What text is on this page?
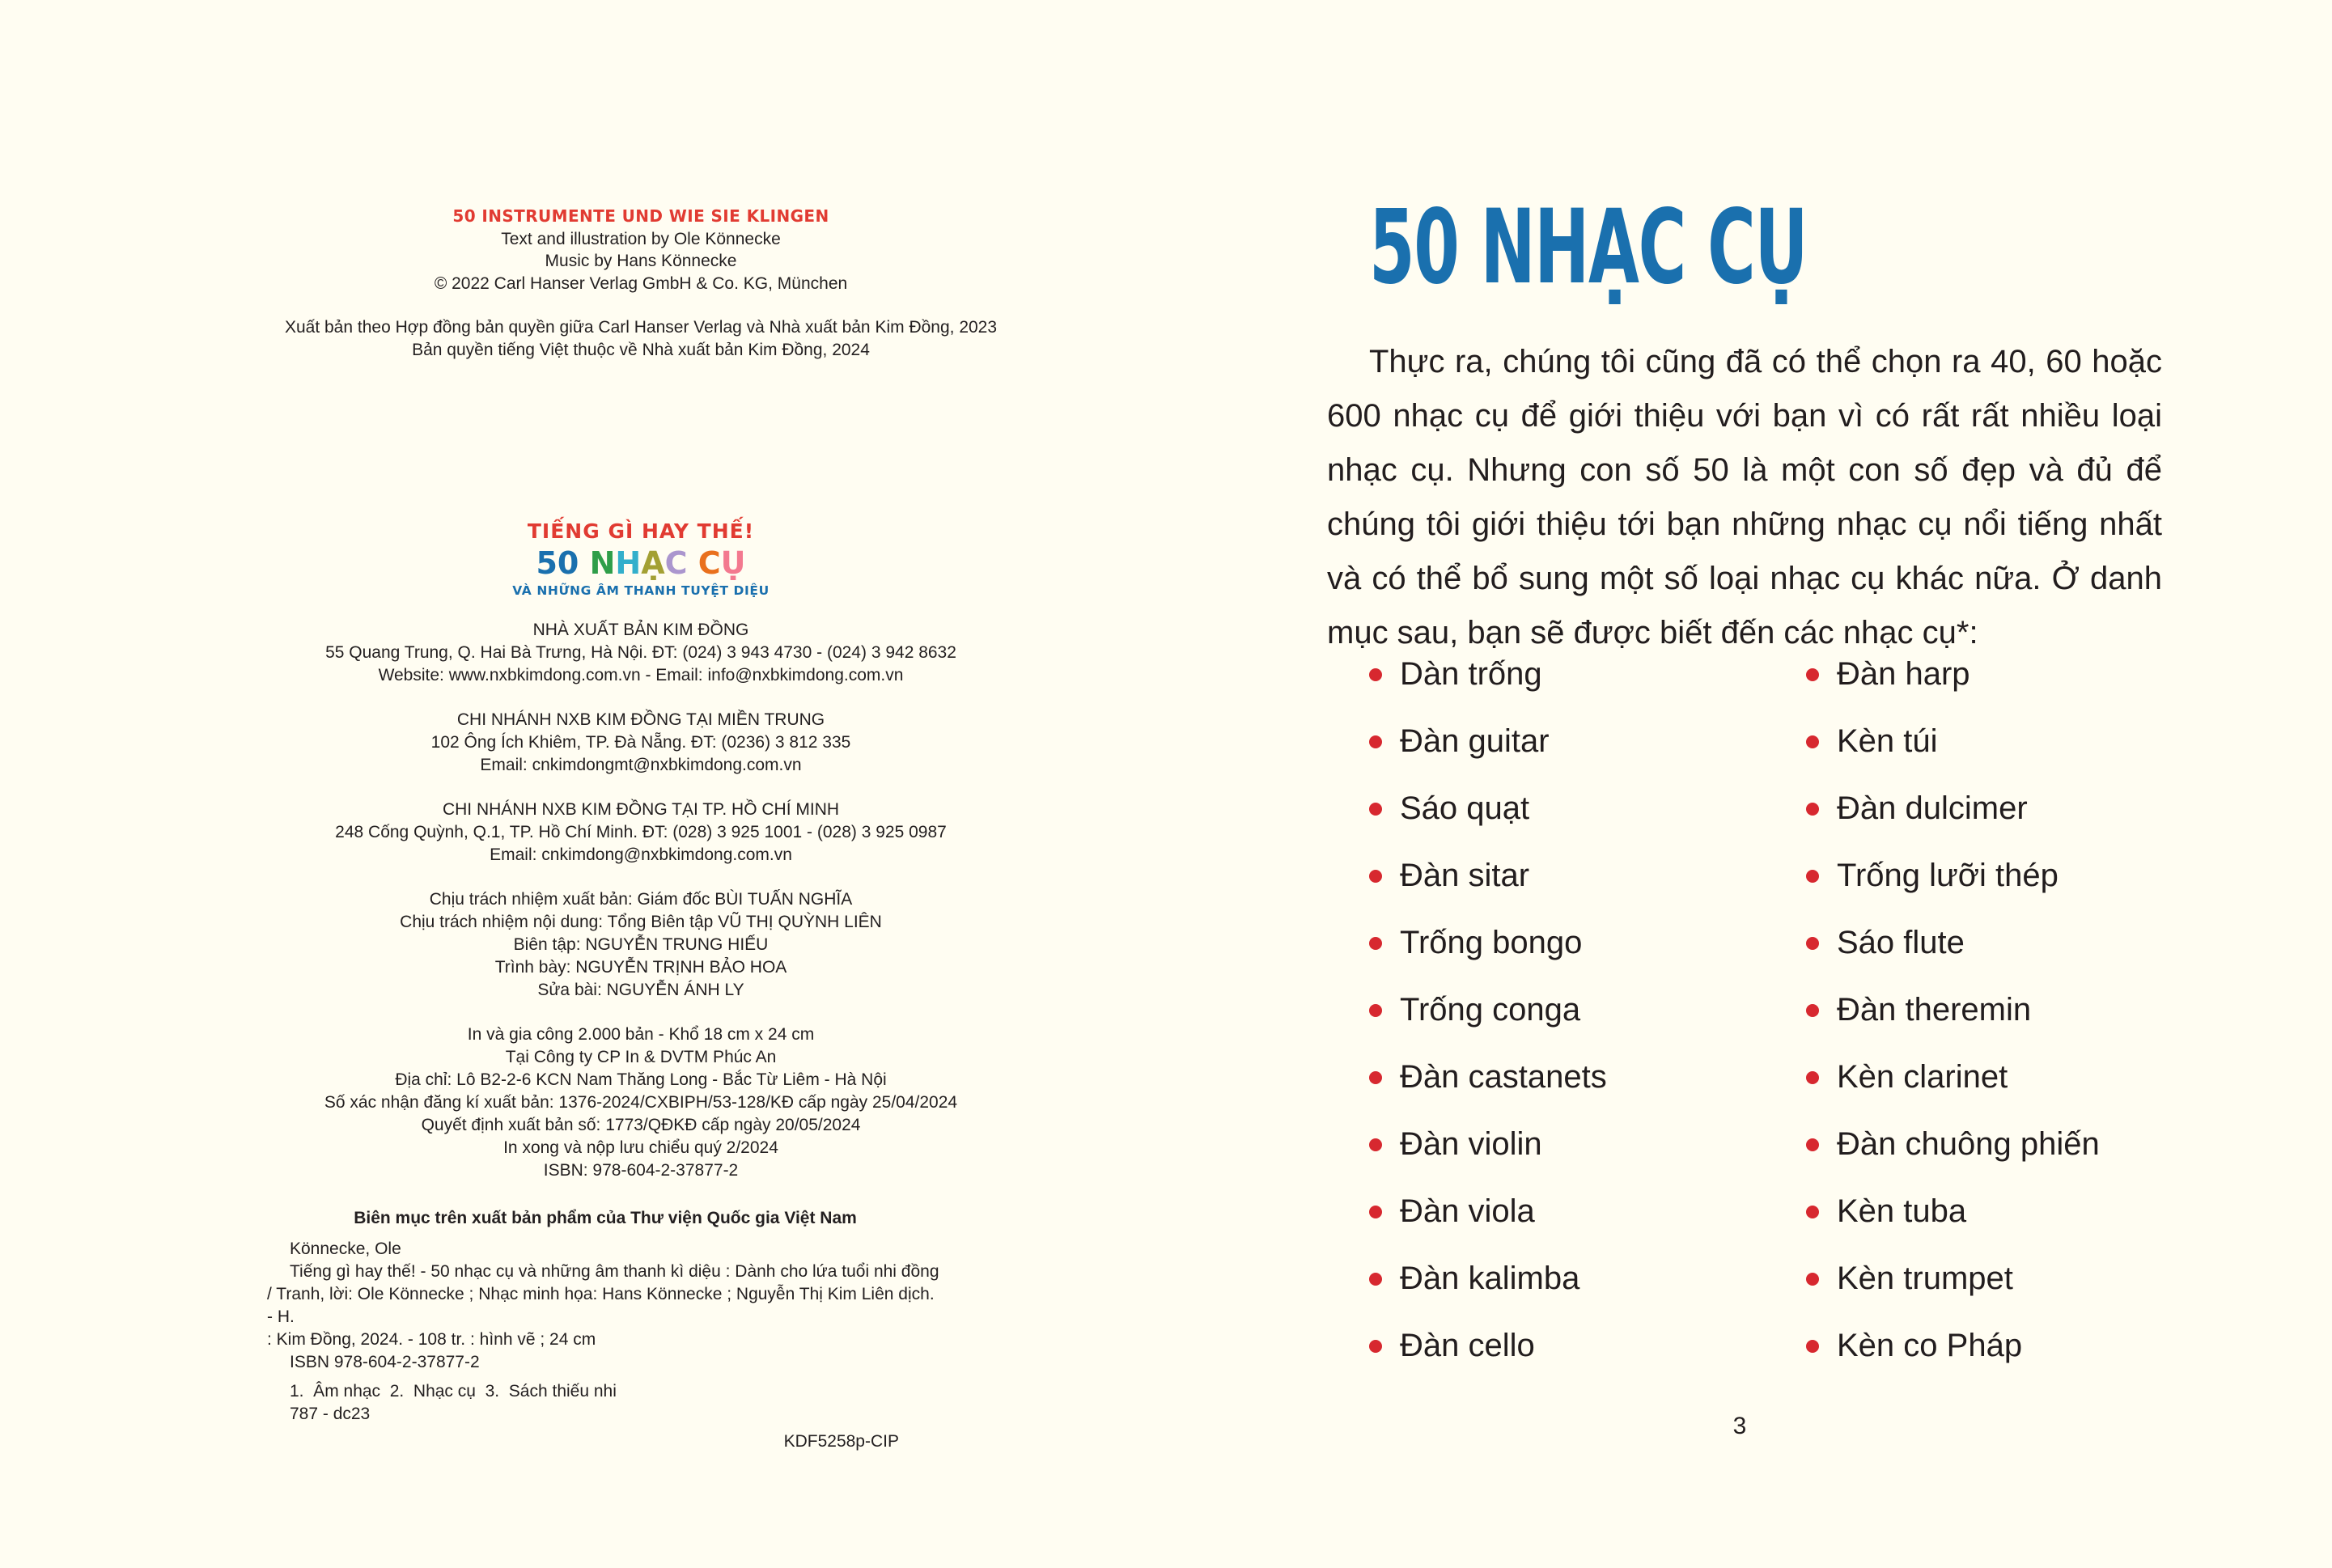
50 INSTRUMENTE UND WIE SIE KLINGEN
Text and illustration by Ole Könnecke
Music by Hans Könnecke
© 2022 Carl Hanser Verlag GmbH & Co. KG, München
Xuất bản theo Hợp đồng bản quyền giữa Carl Hanser Verlag và Nhà xuất bản Kim Đồng, 2023
Bản quyền tiếng Việt thuộc về Nhà xuất bản Kim Đồng, 2024
TIẾNG GÌ HAY THẾ!
50 NHẠC CỤ
VÀ NHỮNG ÂM THANH TUYỆT DIỆU
NHÀ XUẤT BẢN KIM ĐỒNG
55 Quang Trung, Q. Hai Bà Trưng, Hà Nội. ĐT: (024) 3 943 4730 - (024) 3 942 8632
Website: www.nxbkimdong.com.vn - Email: info@nxbkimdong.com.vn
CHI NHÁNH NXB KIM ĐỒNG TẠI MIỀN TRUNG
102 Ông Ích Khiêm, TP. Đà Nẵng. ĐT: (0236) 3 812 335
Email: cnkimdongmt@nxbkimdong.com.vn
CHI NHÁNH NXB KIM ĐỒNG TẠI TP. HỒ CHÍ MINH
248 Cống Quỳnh, Q.1, TP. Hồ Chí Minh. ĐT: (028) 3 925 1001 - (028) 3 925 0987
Email: cnkimdong@nxbkimdong.com.vn
Chịu trách nhiệm xuất bản: Giám đốc BÙI TUẤN NGHĨA
Chịu trách nhiệm nội dung: Tổng Biên tập VŨ THỊ QUỲNH LIÊN
Biên tập: NGUYỄN TRUNG HIẾU
Trình bày: NGUYỄN TRỊNH BẢO HOA
Sửa bài: NGUYỄN ÁNH LY
In và gia công 2.000 bản - Khổ 18 cm x 24 cm
Tại Công ty CP In & DVTM Phúc An
Địa chỉ: Lô B2-2-6 KCN Nam Thăng Long - Bắc Từ Liêm - Hà Nội
Số xác nhận đăng kí xuất bản: 1376-2024/CXBIPH/53-128/KĐ cấp ngày 25/04/2024
Quyết định xuất bản số: 1773/QĐKĐ cấp ngày 20/05/2024
In xong và nộp lưu chiểu quý 2/2024
ISBN: 978-604-2-37877-2
Biên mục trên xuất bản phẩm của Thư viện Quốc gia Việt Nam
Könnecke, Ole
Tiếng gì hay thế! - 50 nhạc cụ và những âm thanh kì diệu : Dành cho lứa tuổi nhi đồng
/ Tranh, lời: Ole Könnecke ; Nhạc minh họa: Hans Könnecke ; Nguyễn Thị Kim Liên dịch. - H.
: Kim Đồng, 2024. - 108 tr. : hình vẽ ; 24 cm
ISBN 978-604-2-37877-2
1.  Âm nhạc  2.  Nhạc cụ  3.  Sách thiếu nhi
787 - dc23
KDF5258p-CIP
50 NHẠC CỤ
Thực ra, chúng tôi cũng đã có thể chọn ra 40, 60 hoặc 600 nhạc cụ để giới thiệu với bạn vì có rất rất nhiều loại nhạc cụ. Nhưng con số 50 là một con số đẹp và đủ để chúng tôi giới thiệu tới bạn những nhạc cụ nổi tiếng nhất và có thể bổ sung một số loại nhạc cụ khác nữa. Ở danh mục sau, bạn sẽ được biết đến các nhạc cụ*:
Dàn trống
Đàn guitar
Sáo quạt
Đàn sitar
Trống bongo
Trống conga
Đàn castanets
Đàn violin
Đàn viola
Đàn kalimba
Đàn cello
Đàn harp
Kèn túi
Đàn dulcimer
Trống lưỡi thép
Sáo flute
Đàn theremin
Kèn clarinet
Đàn chuông phiến
Kèn tuba
Kèn trumpet
Kèn co Pháp
3
